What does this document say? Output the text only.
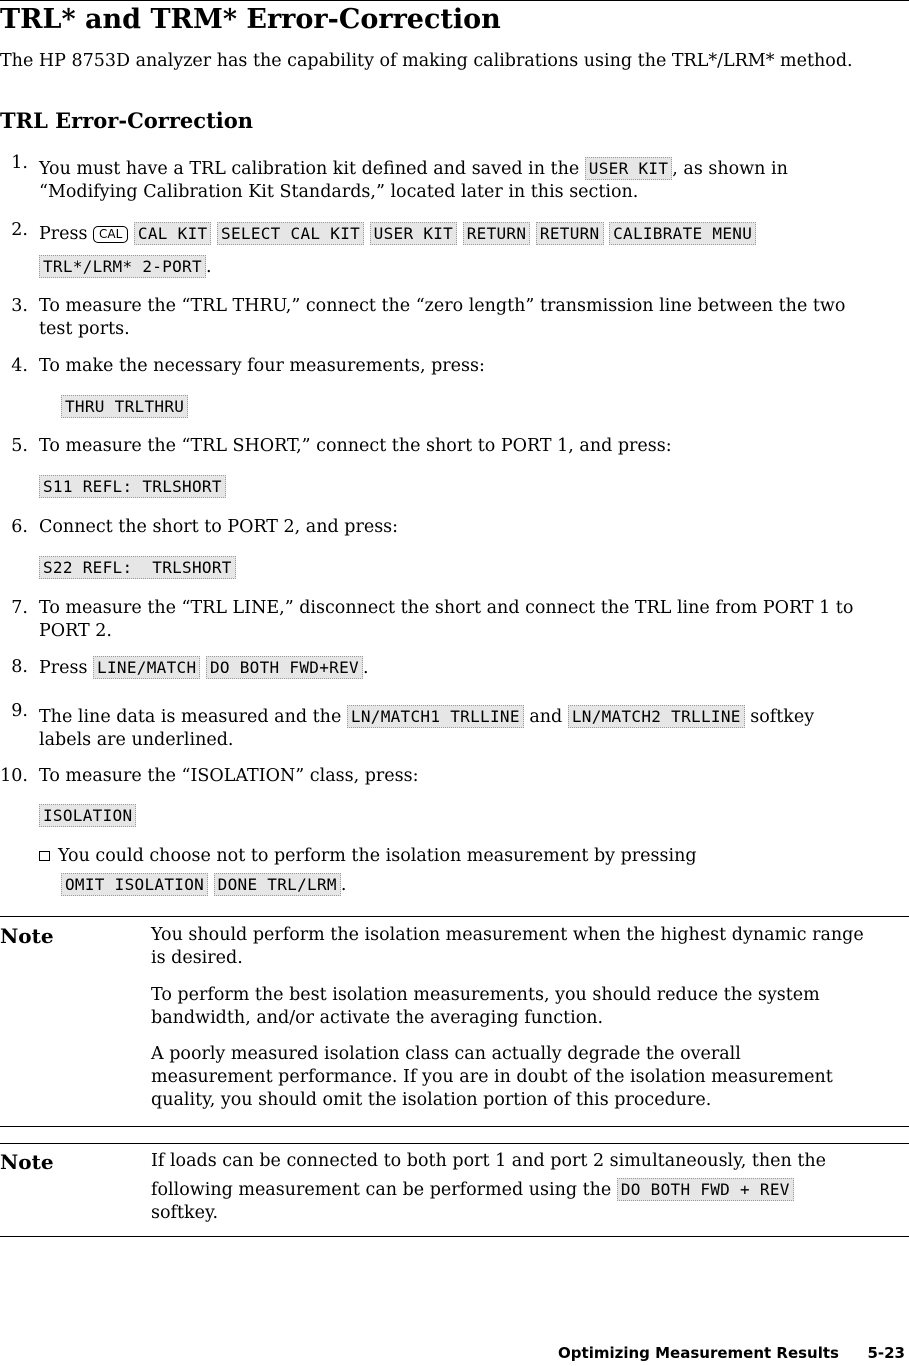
TRL* and TRM* Error-Correction
The HP 8753D analyzer has the capability of making calibrations using the TRL*/LRM* method.
TRL Error-Correction
1. You must have a TRL calibration kit defined and saved in the USER KIT , as shown in
“Modifying Calibration Kit Standards,” located later in this section.
2. Press CAL CAL KIT SELECT CAL KIT USER KIT RETURN RETURN CALIBRATE MENU
TRL*/LRM* 2-PORT .
3. To measure the “TRL THRU,” connect the “zero length” transmission line between the two
test ports.
4. To make the necessary four measurements, press:
THRU TRLTHRU
5. To measure the “TRL SHORT,” connect the short to PORT 1, and press:
S11 REFL: TRLSHORT
6. Connect the short to PORT 2, and press:
S22 REFL:  TRLSHORT
7. To measure the “TRL LINE,” disconnect the short and connect the TRL line from PORT 1 to
PORT 2.
8. Press LINE/MATCH DO BOTH FWD+REV .
9. The line data is measured and the LN/MATCH1 TRLLINE and LN/MATCH2 TRLLINE softkey
labels are underlined.
10. To measure the “ISOLATION” class, press:
ISOLATION
You could choose not to perform the isolation measurement by pressing
OMIT ISOLATION DONE TRL/LRM .
Note	You should perform the isolation measurement when the highest dynamic range
is desired.
To perform the best isolation measurements, you should reduce the system
bandwidth, and/or activate the averaging function.
A poorly measured isolation class can actually degrade the overall
measurement performance. If you are in doubt of the isolation measurement
quality, you should omit the isolation portion of this procedure.
Note	If loads can be connected to both port 1 and port 2 simultaneously, then the
following measurement can be performed using the DO BOTH FWD + REV
softkey.
Optimizing Measurement Results 5-23
